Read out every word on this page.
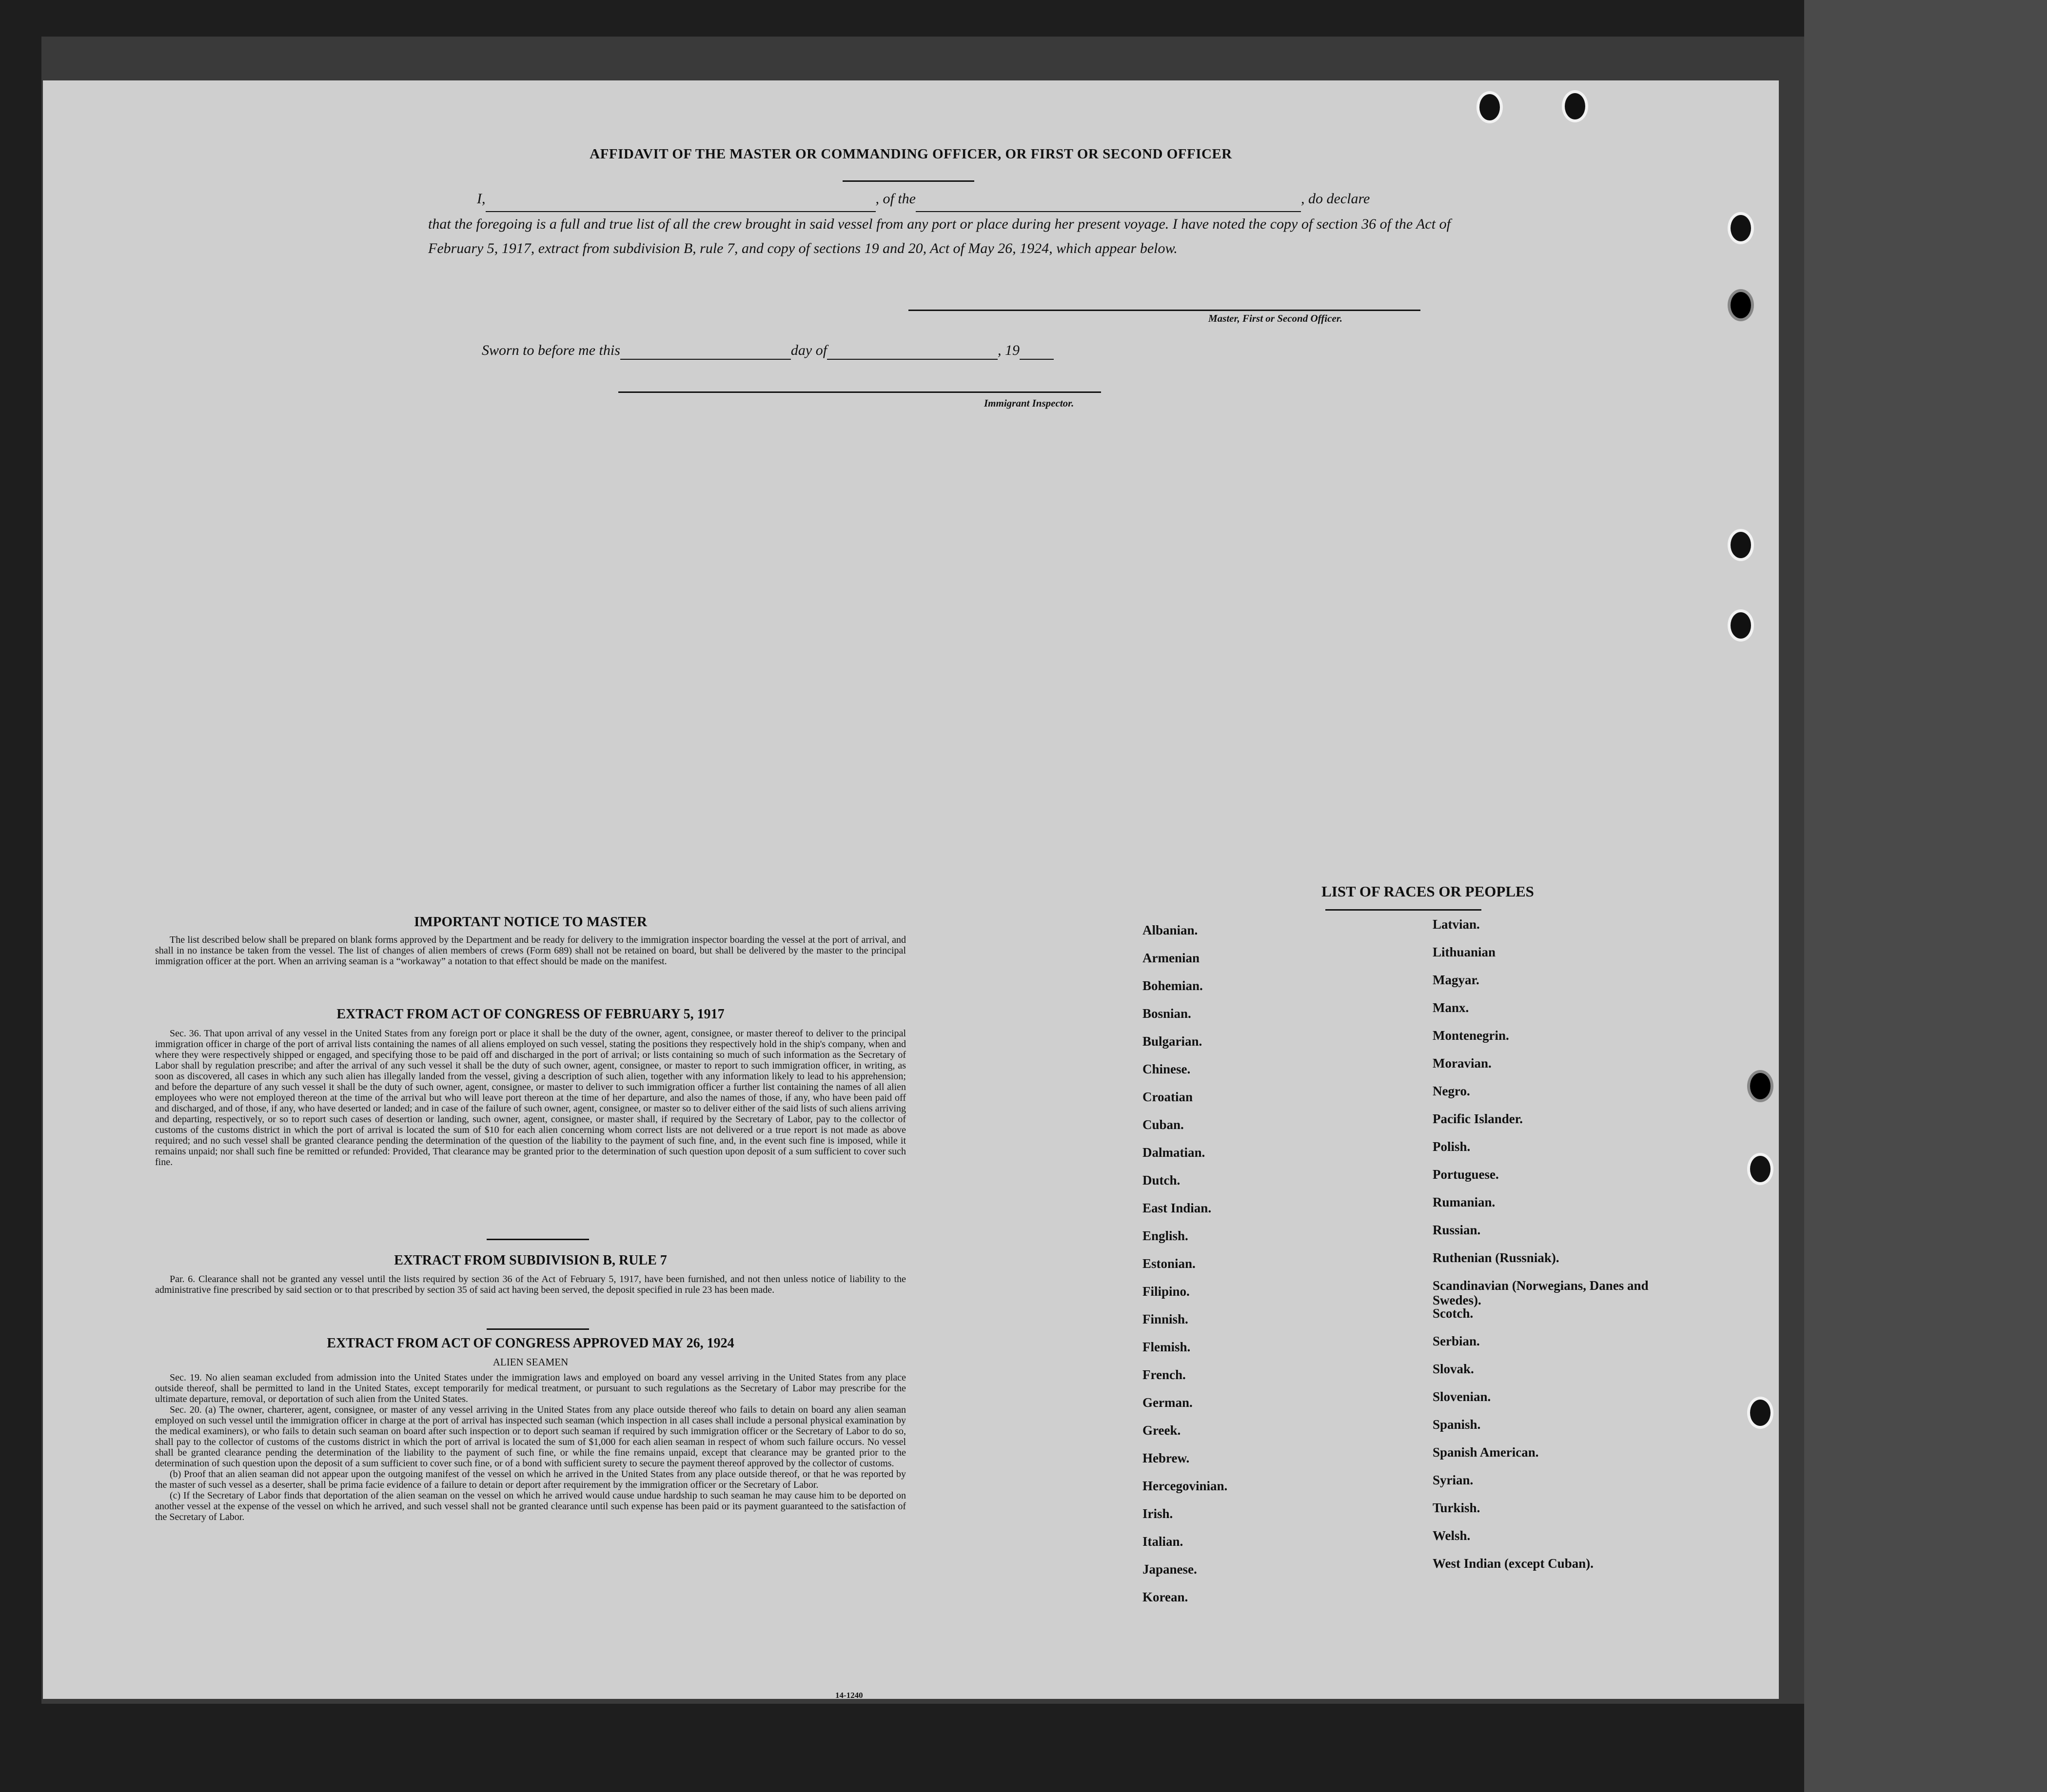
AFFIDAVIT OF THE MASTER OR COMMANDING OFFICER, OR FIRST OR SECOND OFFICER
I,	, of the	, do declare
that the foregoing is a full and true list of all the crew brought in said vessel from any port or place during her present voyage. I have noted the copy of section 36 of the Act of February 5, 1917, extract from subdivision B, rule 7, and copy of sections 19 and 20, Act of May 26, 1924, which appear below.
Master, First or Second Officer.
Sworn to before me this	day of	, 19
Immigrant Inspector.
IMPORTANT NOTICE TO MASTER
The list described below shall be prepared on blank forms approved by the Department and be ready for delivery to the immigration inspector boarding the vessel at the port of arrival, and shall in no instance be taken from the vessel. The list of changes of alien members of crews (Form 689) shall not be retained on board, but shall be delivered by the master to the principal immigration officer at the port. When an arriving seaman is a “workaway” a notation to that effect should be made on the manifest.
EXTRACT FROM ACT OF CONGRESS OF FEBRUARY 5, 1917
Sec. 36. That upon arrival of any vessel in the United States from any foreign port or place it shall be the duty of the owner, agent, consignee, or master thereof to deliver to the principal immigration officer in charge of the port of arrival lists containing the names of all aliens employed on such vessel, stating the positions they respectively hold in the ship's company, when and where they were respectively shipped or engaged, and specifying those to be paid off and discharged in the port of arrival; or lists containing so much of such information as the Secretary of Labor shall by regulation prescribe; and after the arrival of any such vessel it shall be the duty of such owner, agent, consignee, or master to report to such immigration officer, in writing, as soon as discovered, all cases in which any such alien has illegally landed from the vessel, giving a description of such alien, together with any information likely to lead to his apprehension; and before the departure of any such vessel it shall be the duty of such owner, agent, consignee, or master to deliver to such immigration officer a further list containing the names of all alien employees who were not employed thereon at the time of the arrival but who will leave port thereon at the time of her departure, and also the names of those, if any, who have been paid off and discharged, and of those, if any, who have deserted or landed; and in case of the failure of such owner, agent, consignee, or master so to deliver either of the said lists of such aliens arriving and departing, respectively, or so to report such cases of desertion or landing, such owner, agent, consignee, or master shall, if required by the Secretary of Labor, pay to the collector of customs of the customs district in which the port of arrival is located the sum of $10 for each alien concerning whom correct lists are not delivered or a true report is not made as above required; and no such vessel shall be granted clearance pending the determination of the question of the liability to the payment of such fine, and, in the event such fine is imposed, while it remains unpaid; nor shall such fine be remitted or refunded: Provided, That clearance may be granted prior to the determination of such question upon deposit of a sum sufficient to cover such fine.
EXTRACT FROM SUBDIVISION B, RULE 7
Par. 6. Clearance shall not be granted any vessel until the lists required by section 36 of the Act of February 5, 1917, have been furnished, and not then unless notice of liability to the administrative fine prescribed by said section or to that prescribed by section 35 of said act having been served, the deposit specified in rule 23 has been made.
EXTRACT FROM ACT OF CONGRESS APPROVED MAY 26, 1924
ALIEN SEAMEN
Sec. 19. No alien seaman excluded from admission into the United States under the immigration laws and employed on board any vessel arriving in the United States from any place outside thereof, shall be permitted to land in the United States, except temporarily for medical treatment, or pursuant to such regulations as the Secretary of Labor may prescribe for the ultimate departure, removal, or deportation of such alien from the United States.
Sec. 20. (a) The owner, charterer, agent, consignee, or master of any vessel arriving in the United States from any place outside thereof who fails to detain on board any alien seaman employed on such vessel until the immigration officer in charge at the port of arrival has inspected such seaman (which inspection in all cases shall include a personal physical examination by the medical examiners), or who fails to detain such seaman on board after such inspection or to deport such seaman if required by such immigration officer or the Secretary of Labor to do so, shall pay to the collector of customs of the customs district in which the port of arrival is located the sum of $1,000 for each alien seaman in respect of whom such failure occurs. No vessel shall be granted clearance pending the determination of the liability to the payment of such fine, or while the fine remains unpaid, except that clearance may be granted prior to the determination of such question upon the deposit of a sum sufficient to cover such fine, or of a bond with sufficient surety to secure the payment thereof approved by the collector of customs.
(b) Proof that an alien seaman did not appear upon the outgoing manifest of the vessel on which he arrived in the United States from any place outside thereof, or that he was reported by the master of such vessel as a deserter, shall be prima facie evidence of a failure to detain or deport after requirement by the immigration officer or the Secretary of Labor.
(c) If the Secretary of Labor finds that deportation of the alien seaman on the vessel on which he arrived would cause undue hardship to such seaman he may cause him to be deported on another vessel at the expense of the vessel on which he arrived, and such vessel shall not be granted clearance until such expense has been paid or its payment guaranteed to the satisfaction of the Secretary of Labor.
14-1240
LIST OF RACES OR PEOPLES
Albanian.
Armenian
Bohemian.
Bosnian.
Bulgarian.
Chinese.
Croatian
Cuban.
Dalmatian.
Dutch.
East Indian.
English.
Estonian.
Filipino.
Finnish.
Flemish.
French.
German.
Greek.
Hebrew.
Hercegovinian.
Irish.
Italian.
Japanese.
Korean.
Latvian.
Lithuanian
Magyar.
Manx.
Montenegrin.
Moravian.
Negro.
Pacific Islander.
Polish.
Portuguese.
Rumanian.
Russian.
Ruthenian (Russniak).
Scandinavian (Norwegians, Danes and Swedes).
Scotch.
Serbian.
Slovak.
Slovenian.
Spanish.
Spanish American.
Syrian.
Turkish.
Welsh.
West Indian (except Cuban).
